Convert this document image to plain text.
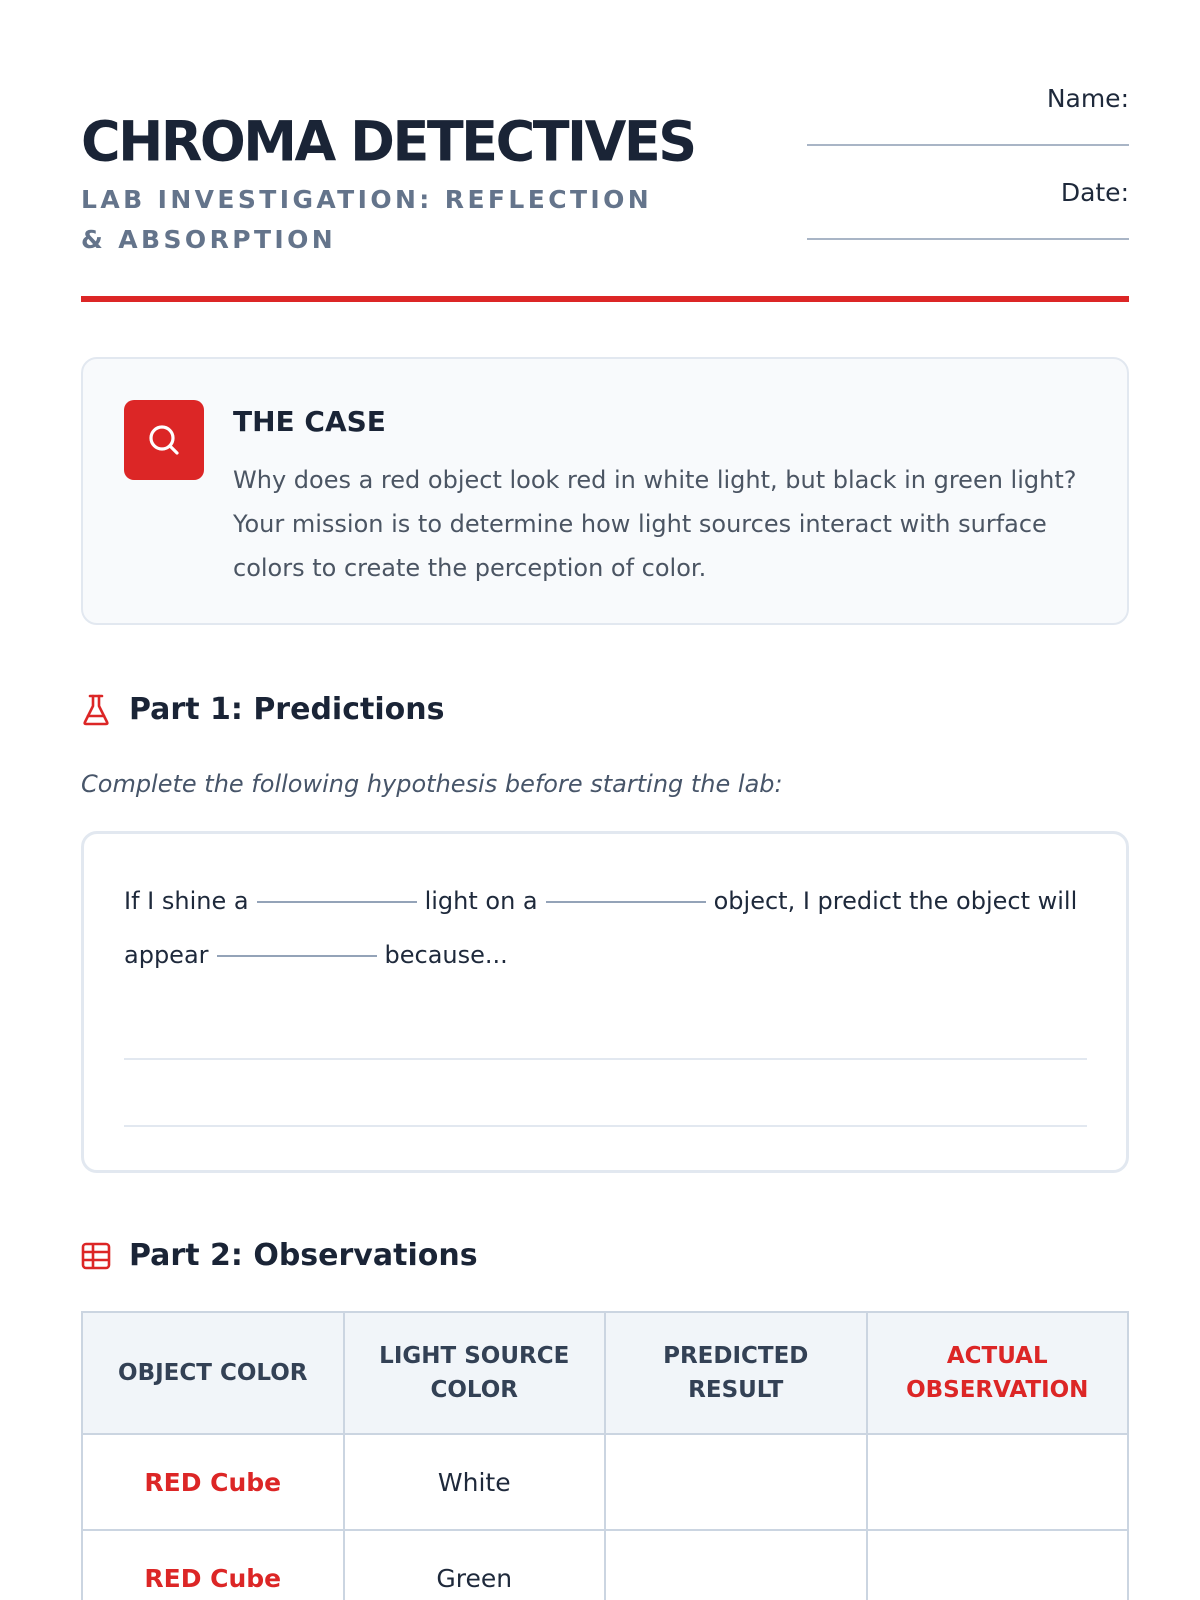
CHROMA DETECTIVES
LAB INVESTIGATION: REFLECTION & ABSORPTION
Name:
Date:
THE CASE
Why does a red object look red in white light, but black in green light? Your mission is to determine how light sources interact with surface colors to create the perception of color.
Part 1: Predictions
Complete the following hypothesis before starting the lab:
If I shine a	light on a	object, I predict the object will appear	because...
Part 2: Observations
OBJECT COLOR	LIGHT SOURCE COLOR	PREDICTED RESULT	ACTUAL OBSERVATION
RED Cube	White		
RED Cube	Green		
